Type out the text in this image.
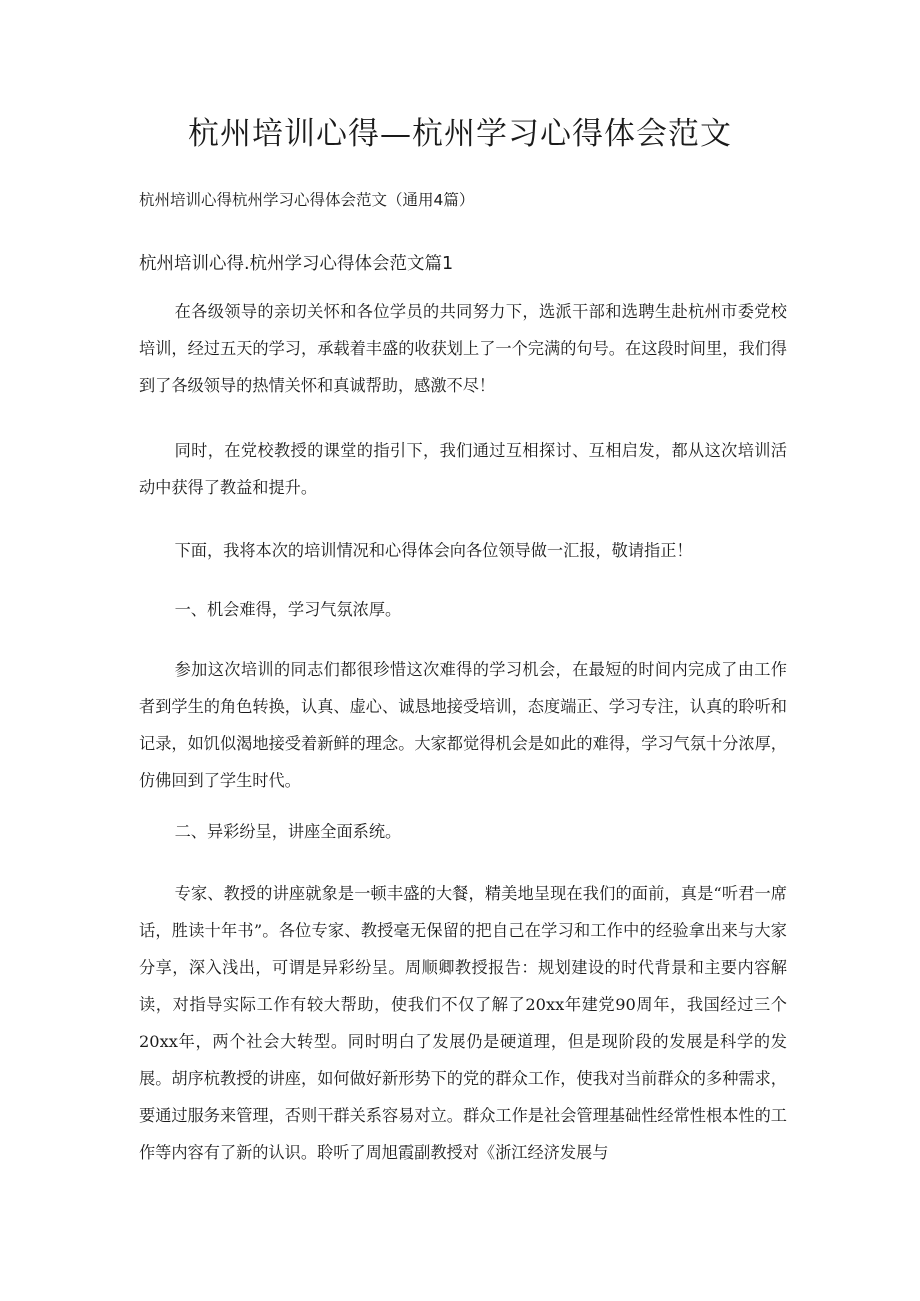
杭州培训心得—杭州学习心得体会范文

杭州培训心得杭州学习心得体会范文（通用4篇）

杭州培训心得.杭州学习心得体会范文篇1

在各级领导的亲切关怀和各位学员的共同努力下，选派干部和选聘生赴杭州市委党校培训，经过五天的学习，承载着丰盛的收获划上了一个完满的句号。在这段时间里，我们得到了各级领导的热情关怀和真诚帮助，感激不尽！

同时，在党校教授的课堂的指引下，我们通过互相探讨、互相启发，都从这次培训活动中获得了教益和提升。

下面，我将本次的培训情况和心得体会向各位领导做一汇报，敬请指正！

一、机会难得，学习气氛浓厚。

参加这次培训的同志们都很珍惜这次难得的学习机会，在最短的时间内完成了由工作者到学生的角色转换，认真、虚心、诚恳地接受培训，态度端正、学习专注，认真的聆听和记录，如饥似渴地接受着新鲜的理念。大家都觉得机会是如此的难得，学习气氛十分浓厚，仿佛回到了学生时代。

二、异彩纷呈，讲座全面系统。

专家、教授的讲座就象是一顿丰盛的大餐，精美地呈现在我们的面前，真是“听君一席话，胜读十年书”。各位专家、教授毫无保留的把自己在学习和工作中的经验拿出来与大家分享，深入浅出，可谓是异彩纷呈。周顺卿教授报告：规划建设的时代背景和主要内容解读，对指导实际工作有较大帮助，使我们不仅了解了20xx年建党90周年，我国经过三个20xx年，两个社会大转型。同时明白了发展仍是硬道理，但是现阶段的发展是科学的发展。胡序杭教授的讲座，如何做好新形势下的党的群众工作，使我对当前群众的多种需求，要通过服务来管理，否则干群关系容易对立。群众工作是社会管理基础性经常性根本性的工作等内容有了新的认识。聆听了周旭霞副教授对《浙江经济发展与
